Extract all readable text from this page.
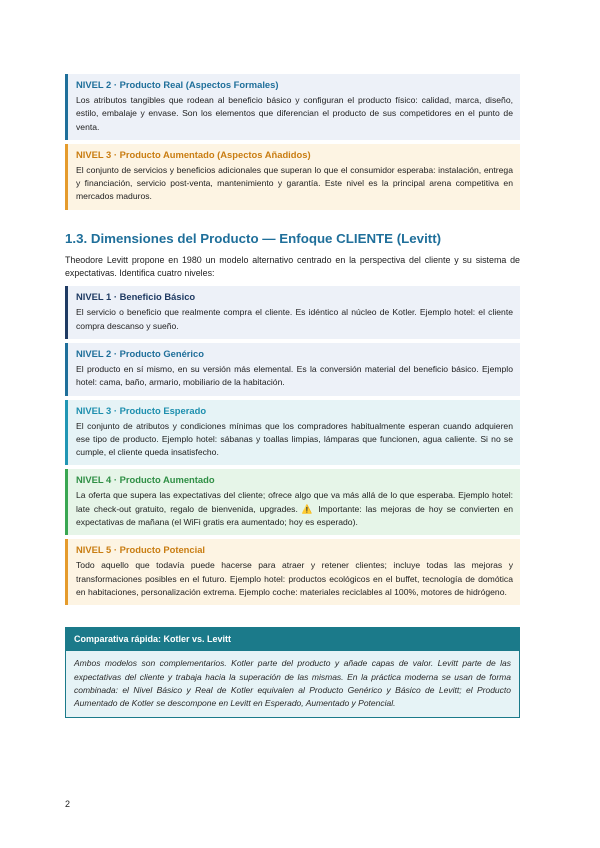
NIVEL 2 · Producto Real (Aspectos Formales)
Los atributos tangibles que rodean al beneficio básico y configuran el producto físico: calidad, marca, diseño, estilo, embalaje y envase. Son los elementos que diferencian el producto de sus competidores en el punto de venta.
NIVEL 3 · Producto Aumentado (Aspectos Añadidos)
El conjunto de servicios y beneficios adicionales que superan lo que el consumidor esperaba: instalación, entrega y financiación, servicio post-venta, mantenimiento y garantía. Este nivel es la principal arena competitiva en mercados maduros.
1.3. Dimensiones del Producto — Enfoque CLIENTE (Levitt)
Theodore Levitt propone en 1980 un modelo alternativo centrado en la perspectiva del cliente y su sistema de expectativas. Identifica cuatro niveles:
NIVEL 1 · Beneficio Básico
El servicio o beneficio que realmente compra el cliente. Es idéntico al núcleo de Kotler. Ejemplo hotel: el cliente compra descanso y sueño.
NIVEL 2 · Producto Genérico
El producto en sí mismo, en su versión más elemental. Es la conversión material del beneficio básico. Ejemplo hotel: cama, baño, armario, mobiliario de la habitación.
NIVEL 3 · Producto Esperado
El conjunto de atributos y condiciones mínimas que los compradores habitualmente esperan cuando adquieren ese tipo de producto. Ejemplo hotel: sábanas y toallas limpias, lámparas que funcionen, agua caliente. Si no se cumple, el cliente queda insatisfecho.
NIVEL 4 · Producto Aumentado
La oferta que supera las expectativas del cliente; ofrece algo que va más allá de lo que esperaba. Ejemplo hotel: late check-out gratuito, regalo de bienvenida, upgrades. ⚠️ Importante: las mejoras de hoy se convierten en expectativas de mañana (el WiFi gratis era aumentado; hoy es esperado).
NIVEL 5 · Producto Potencial
Todo aquello que todavía puede hacerse para atraer y retener clientes; incluye todas las mejoras y transformaciones posibles en el futuro. Ejemplo hotel: productos ecológicos en el buffet, tecnología de domótica en habitaciones, personalización extrema. Ejemplo coche: materiales reciclables al 100%, motores de hidrógeno.
Comparativa rápida: Kotler vs. Levitt
Ambos modelos son complementarios. Kotler parte del producto y añade capas de valor. Levitt parte de las expectativas del cliente y trabaja hacia la superación de las mismas. En la práctica moderna se usan de forma combinada: el Nivel Básico y Real de Kotler equivalen al Producto Genérico y Básico de Levitt; el Producto Aumentado de Kotler se descompone en Levitt en Esperado, Aumentado y Potencial.
2
